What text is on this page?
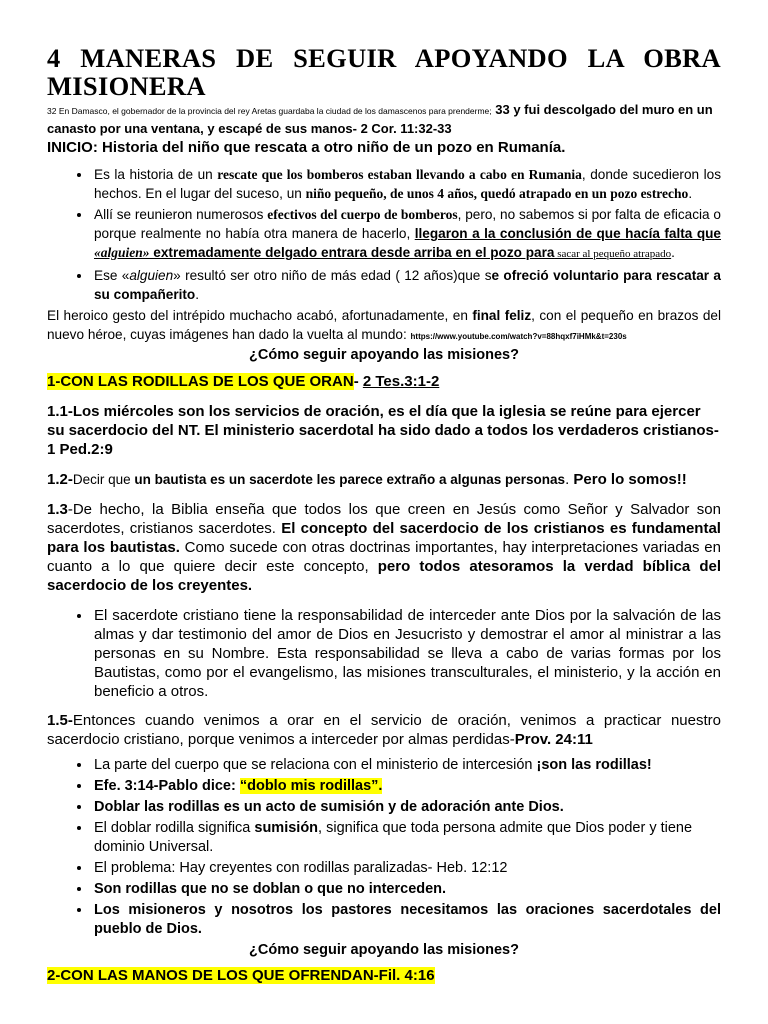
4 MANERAS DE SEGUIR APOYANDO LA OBRA MISIONERA
32 En Damasco, el gobernador de la provincia del rey Aretas guardaba la ciudad de los damascenos para prenderme; 33 y fui descolgado del muro en un canasto por una ventana, y escapé de sus manos- 2 Cor. 11:32-33
INICIO: Historia del niño que rescata a otro niño de un pozo en Rumanía.
• Es la historia de un rescate que los bomberos estaban llevando a cabo en Rumania, donde sucedieron los hechos. En el lugar del suceso, un niño pequeño, de unos 4 años, quedó atrapado en un pozo estrecho.
• Allí se reunieron numerosos efectivos del cuerpo de bomberos, pero, no sabemos si por falta de eficacia o porque realmente no había otra manera de hacerlo, llegaron a la conclusión de que hacía falta que «alguien» extremadamente delgado entrara desde arriba en el pozo para sacar al pequeño atrapado.
• Ese «alguien» resultó ser otro niño de más edad ( 12 años)que se ofreció voluntario para rescatar a su compañerito.
El heroico gesto del intrépido muchacho acabó, afortunadamente, en final feliz, con el pequeño en brazos del nuevo héroe, cuyas imágenes han dado la vuelta al mundo: https://www.youtube.com/watch?v=88hqxf7iHMk&t=230s
¿Cómo seguir apoyando las misiones?
1-CON LAS RODILLAS DE LOS QUE ORAN- 2 Tes.3:1-2
1.1-Los miércoles son los servicios de oración, es el día que la iglesia se reúne para ejercer su sacerdocio del NT. El ministerio sacerdotal ha sido dado a todos los verdaderos cristianos-1 Ped.2:9
1.2-Decir que un bautista es un sacerdote les parece extraño a algunas personas. Pero lo somos!!
1.3-De hecho, la Biblia enseña que todos los que creen en Jesús como Señor y Salvador son sacerdotes, cristianos sacerdotes. El concepto del sacerdocio de los cristianos es fundamental para los bautistas. Como sucede con otras doctrinas importantes, hay interpretaciones variadas en cuanto a lo que quiere decir este concepto, pero todos atesoramos la verdad bíblica del sacerdocio de los creyentes.
• El sacerdote cristiano tiene la responsabilidad de interceder ante Dios por la salvación de las almas y dar testimonio del amor de Dios en Jesucristo y demostrar el amor al ministrar a las personas en su Nombre. Esta responsabilidad se lleva a cabo de varias formas por los Bautistas, como por el evangelismo, las misiones transculturales, el ministerio, y la acción en beneficio a otros.
1.5-Entonces cuando venimos a orar en el servicio de oración, venimos a practicar nuestro sacerdocio cristiano, porque venimos a interceder por almas perdidas-Prov. 24:11
• La parte del cuerpo que se relaciona con el ministerio de intercesión ¡son las rodillas!
• Efe. 3:14-Pablo dice: “doblo mis rodillas”.
• Doblar las rodillas es un acto de sumisión y de adoración ante Dios.
• El doblar rodilla significa sumisión, significa que toda persona admite que Dios poder y tiene dominio Universal.
• El problema: Hay creyentes con rodillas paralizadas- Heb. 12:12
• Son rodillas que no se doblan o que no interceden.
• Los misioneros y nosotros los pastores necesitamos las oraciones sacerdotales del pueblo de Dios.
¿Cómo seguir apoyando las misiones?
2-CON LAS MANOS DE LOS QUE OFRENDAN-Fil. 4:16
